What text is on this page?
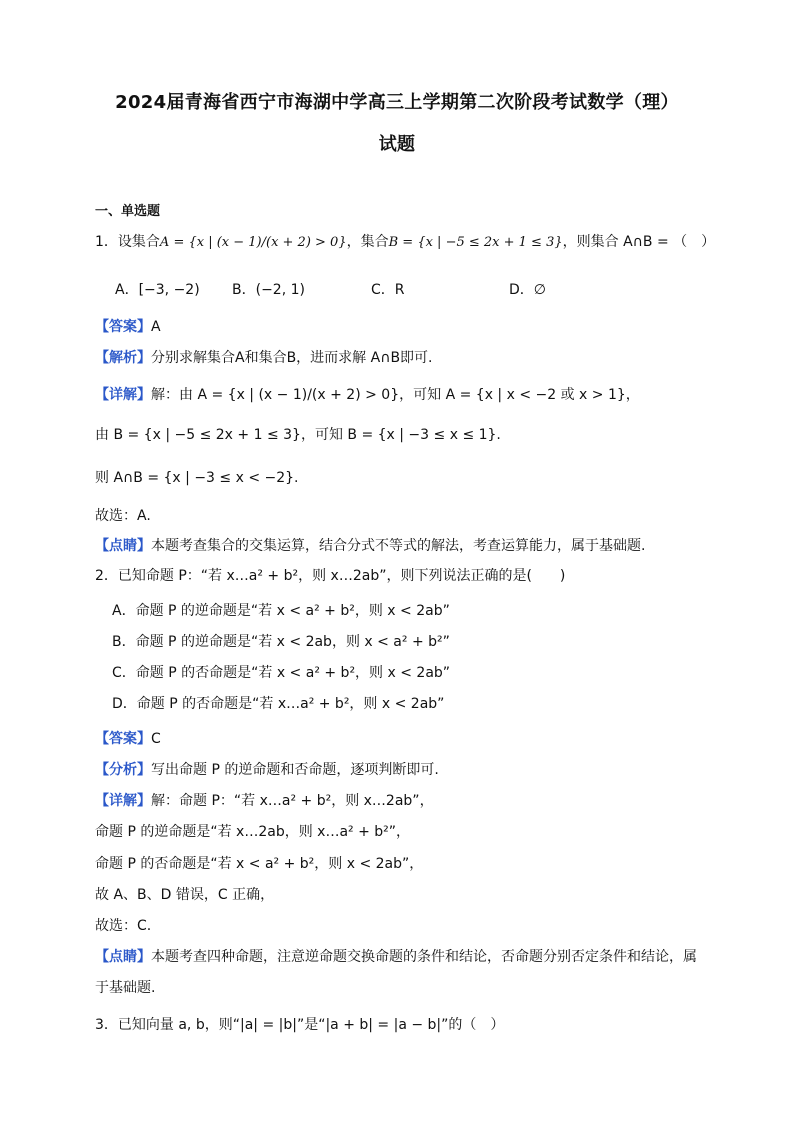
2024届青海省西宁市海湖中学高三上学期第二次阶段考试数学（理）
试题
一、单选题
1．设集合A = {x | (x − 1)/(x + 2) > 0}，集合B = {x | −5 ≤ 2x + 1 ≤ 3}，则集合 A∩B = （　）
A．[−3, −2) B．(−2, 1)	C．R	D．∅
【答案】A
【解析】分别求解集合A和集合B，进而求解 A∩B即可.
【详解】解：由 A = {x | (x − 1)/(x + 2) > 0}，可知 A = {x | x < −2 或 x > 1}，
由 B = {x | −5 ≤ 2x + 1 ≤ 3}，可知 B = {x | −3 ≤ x ≤ 1}.
则 A∩B = {x | −3 ≤ x < −2}.
故选：A.
【点睛】本题考查集合的交集运算，结合分式不等式的解法，考查运算能力，属于基础题.
2．已知命题 P：“若 x…a² + b²，则 x…2ab”，则下列说法正确的是(　　)
A．命题 P 的逆命题是“若 x < a² + b²，则 x < 2ab”
B．命题 P 的逆命题是“若 x < 2ab，则 x < a² + b²”
C．命题 P 的否命题是“若 x < a² + b²，则 x < 2ab”
D．命题 P 的否命题是“若 x…a² + b²，则 x < 2ab”
【答案】C
【分析】写出命题 P 的逆命题和否命题，逐项判断即可.
【详解】解：命题 P：“若 x…a² + b²，则 x…2ab”，
命题 P 的逆命题是“若 x…2ab，则 x…a² + b²”，
命题 P 的否命题是“若 x < a² + b²，则 x < 2ab”，
故 A、B、D 错误，C 正确，
故选：C.
【点睛】本题考查四种命题，注意逆命题交换命题的条件和结论，否命题分别否定条件和结论，属
于基础题.
3．已知向量 a, b，则“|a| = |b|”是“|a + b| = |a − b|”的（　）
